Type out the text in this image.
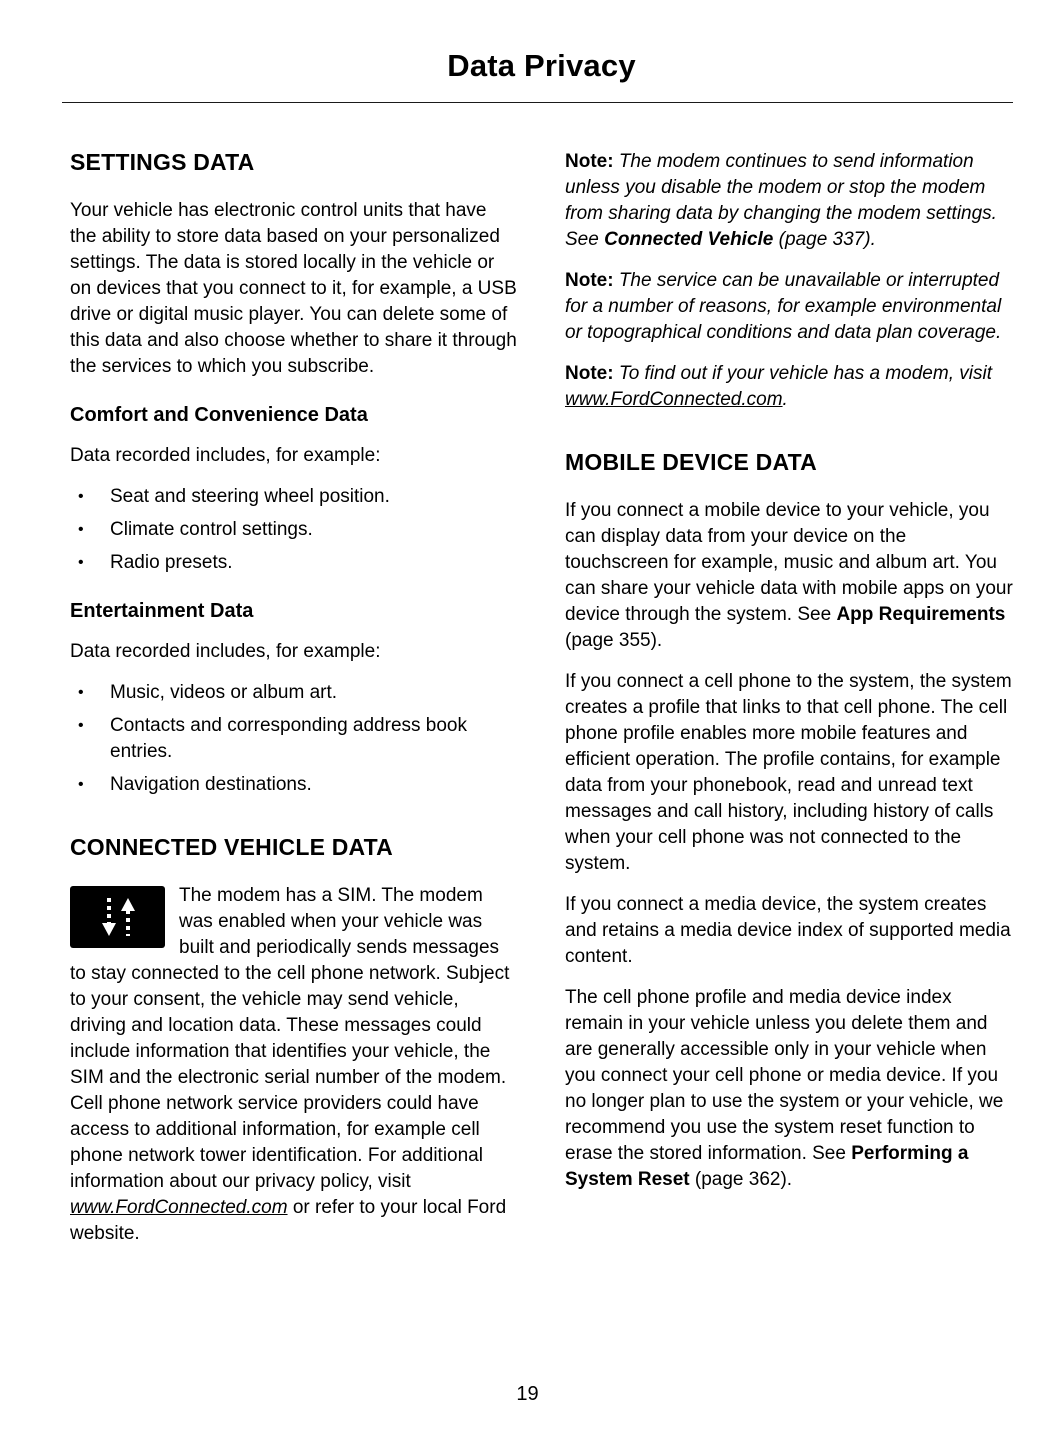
Data Privacy
SETTINGS DATA

Your vehicle has electronic control units that have the ability to store data based on your personalized settings. The data is stored locally in the vehicle or on devices that you connect to it, for example, a USB drive or digital music player. You can delete some of this data and also choose whether to share it through the services to which you subscribe.

Comfort and Convenience Data

Data recorded includes, for example:

• Seat and steering wheel position.
• Climate control settings.
• Radio presets.
Entertainment Data

Data recorded includes, for example:

• Music, videos or album art.
• Contacts and corresponding address book entries.
• Navigation destinations.
CONNECTED VEHICLE DATA

The modem has a SIM. The modem was enabled when your vehicle was built and periodically sends messages to stay connected to the cell phone network. Subject to your consent, the vehicle may send vehicle, driving and location data. These messages could include information that identifies your vehicle, the SIM and the electronic serial number of the modem. Cell phone network service providers could have access to additional information, for example cell phone network tower identification. For additional information about our privacy policy, visit www.FordConnected.com or refer to your local Ford website.

Note: The modem continues to send information unless you disable the modem or stop the modem from sharing data by changing the modem settings. See Connected Vehicle (page 337).

Note: The service can be unavailable or interrupted for a number of reasons, for example environmental or topographical conditions and data plan coverage.

Note: To find out if your vehicle has a modem, visit www.FordConnected.com.

MOBILE DEVICE DATA

If you connect a mobile device to your vehicle, you can display data from your device on the touchscreen for example, music and album art. You can share your vehicle data with mobile apps on your device through the system. See App Requirements (page 355).

If you connect a cell phone to the system, the system creates a profile that links to that cell phone. The cell phone profile enables more mobile features and efficient operation. The profile contains, for example data from your phonebook, read and unread text messages and call history, including history of calls when your cell phone was not connected to the system.

If you connect a media device, the system creates and retains a media device index of supported media content.

The cell phone profile and media device index remain in your vehicle unless you delete them and are generally accessible only in your vehicle when you connect your cell phone or media device. If you no longer plan to use the system or your vehicle, we recommend you use the system reset function to erase the stored information. See Performing a System Reset (page 362).

19
